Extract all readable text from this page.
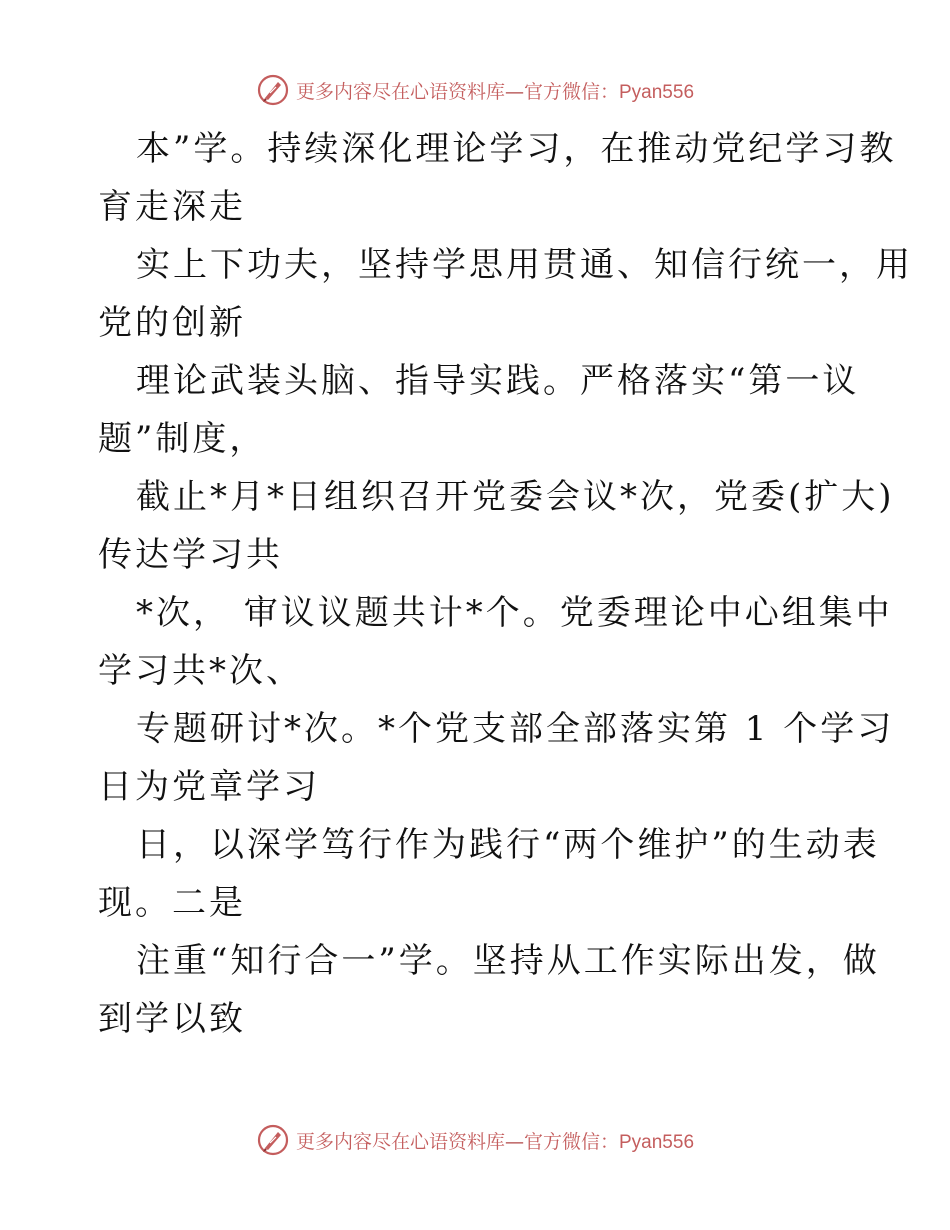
更多内容尽在心语资料库—官方微信：Pyan556
本”学。持续深化理论学习，在推动党纪学习教
育走深走
实上下功夫，坚持学思用贯通、知信行统一，用
党的创新
理论武装头脑、指导实践。严格落实“第一议
题”制度，
截止*月*日组织召开党委会议*次，党委(扩大)
传达学习共
*次， 审议议题共计*个。党委理论中心组集中
学习共*次、
专题研讨*次。*个党支部全部落实第 1 个学习
日为党章学习
日，以深学笃行作为践行“两个维护”的生动表
现。二是
注重“知行合一”学。坚持从工作实际出发，做
到学以致
更多内容尽在心语资料库—官方微信：Pyan556
